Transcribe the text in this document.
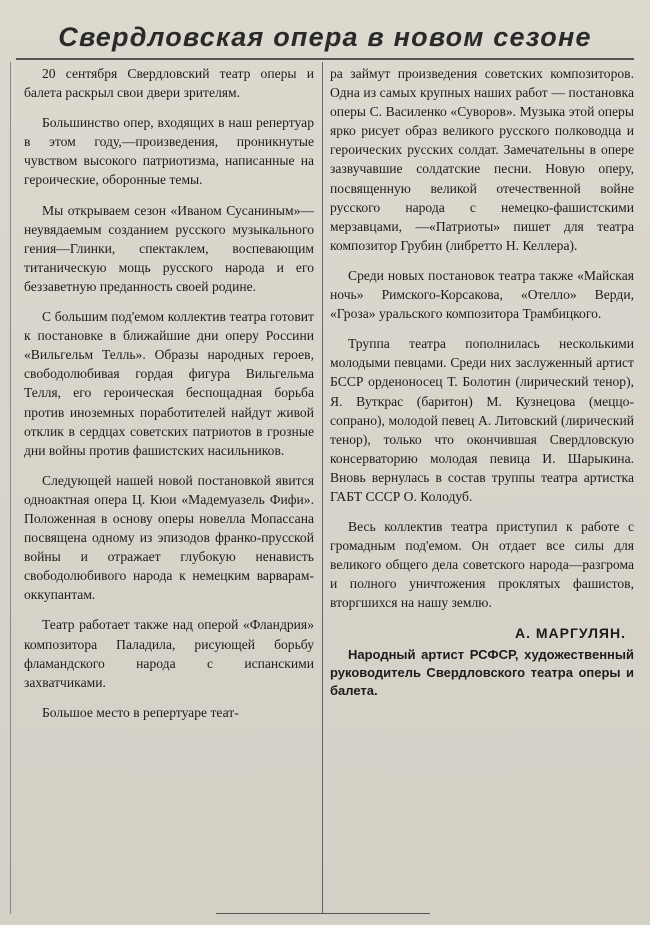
Свердловская опера в новом сезоне

20 сентября Свердловский театр оперы и балета раскрыл свои двери зрителям.

Большинство опер, входящих в наш репертуар в этом году,—произведения, проникнутые чувством высокого патриотизма, написанные на героические, оборонные темы.

Мы открываем сезон «Иваном Сусаниным»—неувядаемым созданием русского музыкального гения—Глинки, спектаклем, воспевающим титаническую мощь русского народа и его беззаветную преданность своей родине.

С большим под'емом коллектив театра готовит к постановке в ближайшие дни оперу Россини «Вильгельм Телль». Образы народных героев, свободолюбивая гордая фигура Вильгельма Телля, его героическая беспощадная борьба против иноземных поработителей найдут живой отклик в сердцах советских патриотов в грозные дни войны против фашистских насильников.

Следующей нашей новой постановкой явится одноактная опера Ц. Кюи «Мадемуазель Фифи». Положенная в основу оперы новелла Мопассана посвящена одному из эпизодов франко-прусской войны и отражает глубокую ненависть свободолюбивого народа к немецким варварам-оккупантам.

Театр работает также над оперой «Фландрия» композитора Паладила, рисующей борьбу фламандского народа с испанскими захватчиками.

Большое место в репертуаре теат-

ра займут произведения советских композиторов. Одна из самых крупных наших работ — постановка оперы С. Василенко «Суворов». Музыка этой оперы ярко рисует образ великого русского полководца и героических русских солдат. Замечательны в опере зазвучавшие солдатские песни. Новую оперу, посвященную великой отечественной войне русского народа с немецко-фашистскими мерзавцами, —«Патриоты» пишет для театра композитор Грубин (либретто Н. Келлера).

Среди новых постановок театра также «Майская ночь» Римского-Корсакова, «Отелло» Верди, «Гроза» уральского композитора Трамбицкого.

Труппа театра пополнилась несколькими молодыми певцами. Среди них заслуженный артист БССР орденоносец Т. Болотин (лирический тенор), Я. Вуткрас (баритон) М. Кузнецова (меццо-сопрано), молодой певец А. Литовский (лирический тенор), только что окончившая Свердловскую консерваторию молодая певица И. Шарыкина. Вновь вернулась в состав труппы театра артистка ГАБТ СССР О. Колодуб.

Весь коллектив театра приступил к работе с громадным под'емом. Он отдает все силы для великого общего дела советского народа—разгрома и полного уничтожения проклятых фашистов, вторгшихся на нашу землю.

А. МАРГУЛЯН.

Народный артист РСФСР, художественный руководитель Свердловского театра оперы и балета.
